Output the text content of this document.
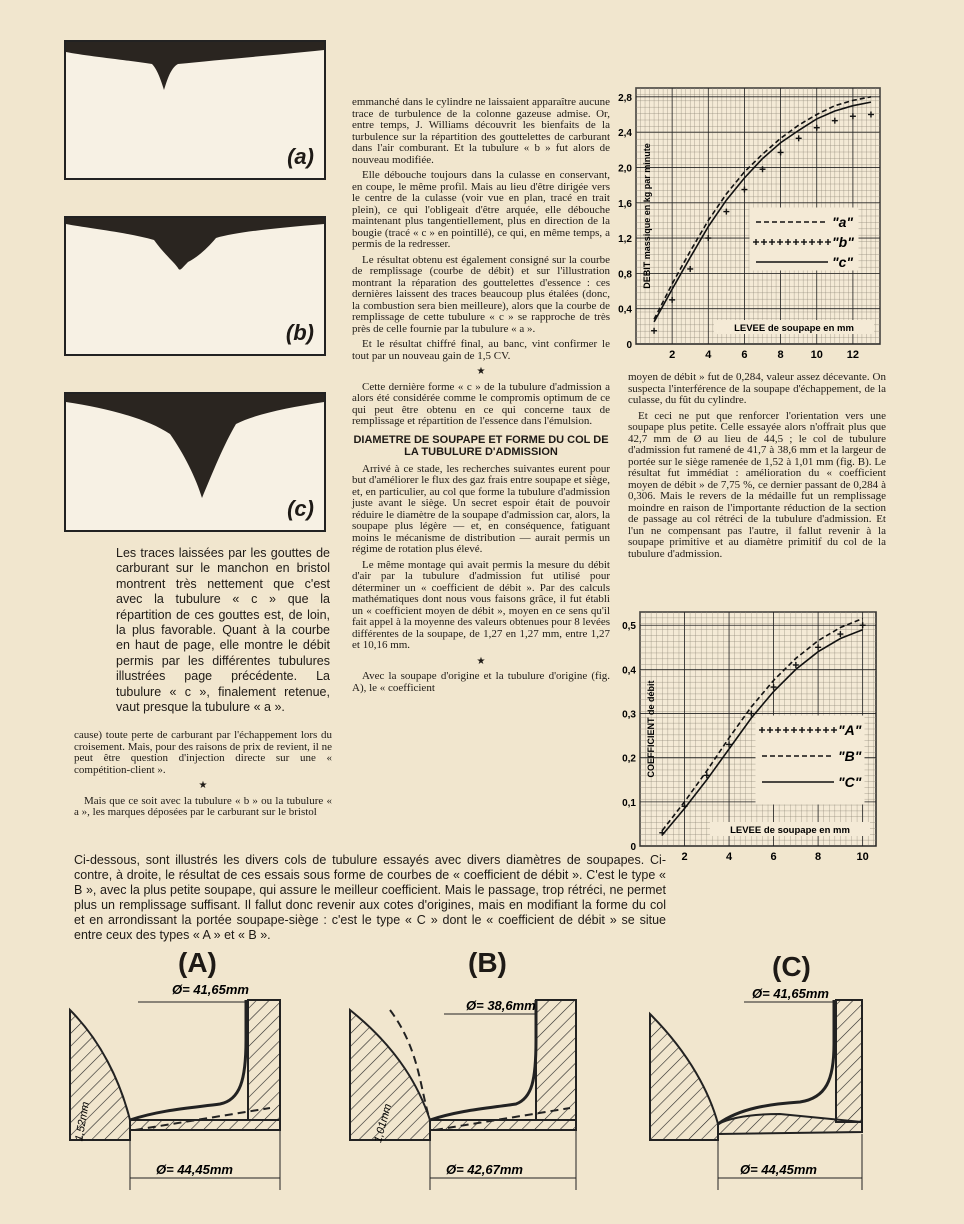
(a)
(b)
(c)
Les traces laissées par les gouttes de carburant sur le manchon en bristol montrent très nettement que c'est avec la tubulure « c » que la répartition de ces gouttes est, de loin, la plus favorable. Quant à la courbe en haut de page, elle montre le débit permis par les différentes tubulures illustrées page précédente. La tubulure « c », finalement retenue, vaut presque la tubulure « a ».

cause) toute perte de carburant par l'échappement lors du croisement. Mais, pour des raisons de prix de revient, il ne peut être question d'injection directe sur une « compétition-client ».

★

Mais que ce soit avec la tubulure « b » ou la tubulure « a », les marques déposées par le carburant sur le bristol

emmanché dans le cylindre ne laissaient apparaître aucune trace de turbulence de la colonne gazeuse admise. Or, entre temps, J. Williams découvrit les bienfaits de la turbulence sur la répartition des gouttelettes de carburant dans l'air comburant. Et la tubulure « b » fut alors de nouveau modifiée.

Elle débouche toujours dans la culasse en conservant, en coupe, le même profil. Mais au lieu d'être dirigée vers le centre de la culasse (voir vue en plan, tracé en trait plein), ce qui l'obligeait d'être arquée, elle débouche maintenant plus tangentiellement, plus en direction de la bougie (tracé « c » en pointillé), ce qui, en même temps, a permis de la redresser.

Le résultat obtenu est également consigné sur la courbe de remplissage (courbe de débit) et sur l'illustration montrant la réparation des gouttelettes d'essence : ces dernières laissent des traces beaucoup plus étalées (donc, la combustion sera bien meilleure), alors que la courbe de remplissage de cette tubulure « c » se rapproche de très près de celle fournie par la tubulure « a ».

Et le résultat chiffré final, au banc, vint confirmer le tout par un nouveau gain de 1,5 CV.

★

Cette dernière forme « c » de la tubulure d'admission a alors été considérée comme le compromis optimum de ce qui peut être obtenu en ce qui concerne taux de remplissage et répartition de l'essence dans l'émulsion.

DIAMETRE DE SOUPAPE ET FORME DU COL DE LA TUBULURE D'ADMISSION

Arrivé à ce stade, les recherches suivantes eurent pour but d'améliorer le flux des gaz frais entre soupape et siège, et, en particulier, au col que forme la tubulure d'admission juste avant le siège. Un secret espoir était de pouvoir réduire le diamètre de la soupape d'admission car, alors, la soupape plus légère — et, en conséquence, fatiguant moins le mécanisme de distribution — aurait permis un régime de rotation plus élevé.

Le même montage qui avait permis la mesure du débit d'air par la tubulure d'admission fut utilisé pour déterminer un « coefficient de débit ». Par des calculs mathématiques dont nous vous faisons grâce, il fut établi un « coefficient moyen de débit », moyen en ce sens qu'il fait appel à la moyenne des valeurs obtenues pour 8 levées différentes de la soupape, de 1,27 en 1,27 mm, entre 1,27 et 10,16 mm.

★

Avec la soupape d'origine et la tubulure d'origine (fig. A), le « coefficient

2	4	6	8 10 12
0
0,4
0,8
1,2
1,6
2,0
2,4
2,8
DEBIT massique en kg par minute
LEVEE de soupape en mm
"a"
"b"
"c"

moyen de débit » fut de 0,284, valeur assez décevante. On suspecta l'interférence de la soupape d'échappement, de la culasse, du fût du cylindre.

Et ceci ne put que renforcer l'orientation vers une soupape plus petite. Celle essayée alors n'offrait plus que 42,7 mm de Ø au lieu de 44,5 ; le col de tubulure d'admission fut ramené de 41,7 à 38,6 mm et la largeur de portée sur le siège ramenée de 1,52 à 1,01 mm (fig. B). Le résultat fut immédiat : amélioration du « coefficient moyen de débit » de 7,75 %, ce dernier passant de 0,284 à 0,306. Mais le revers de la médaille fut un remplissage moindre en raison de l'importante réduction de la section de passage au col rétréci de la tubulure d'admission. Et l'un ne compensant pas l'autre, il fallut revenir à la soupape primitive et au diamètre primitif du col de la tubulure d'admission.

2	4	6	8	10
0
0,1
0,2
0,3
0,4
0,5
COEFFICIENT de débit
LEVEE de soupape en mm
"A"
"B"
"C"
Ci-dessous, sont illustrés les divers cols de tubulure essayés avec divers diamètres de soupapes. Ci-contre, à droite, le résultat de ces essais sous forme de courbes de « coefficient de débit ». C'est le type « B », avec la plus petite soupape, qui assure le meilleur coefficient. Mais le passage, trop rétréci, ne permet plus un remplissage suffisant. Il fallut donc revenir aux cotes d'origines, mais en modifiant la forme du col et en arrondissant la portée soupape-siège : c'est le type « C » dont le « coefficient de débit » se situe entre ceux des types « A » et « B ».
(A)	(B)	(C)
Ø= 41,65mm
Ø= 44,45mm
1,52mm
Ø= 38,6mm
Ø= 42,67mm
1,01mm
Ø= 41,65mm
Ø= 44,45mm
